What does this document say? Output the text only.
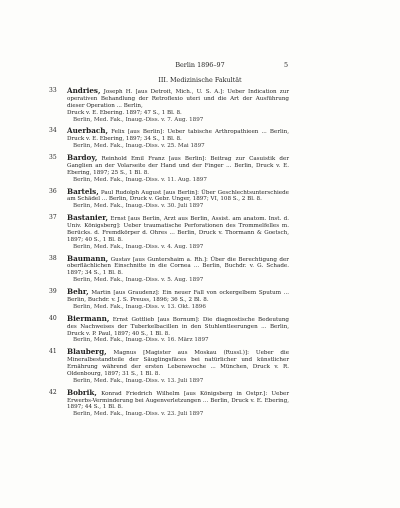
Berlin 1896–97	5
III. Medizinische Fakultät
33 Andries, Joseph H. [aus Detroit, Mich., U. S. A.]: Ueber Indication zur operativen Behandlung der Retroflexio uteri und die Art der Ausführung dieser Operation ... Berlin,
Druck v. E. Ebering. 1897; 47 S., 1 Bl. 8.
Berlin, Med. Fak., Inaug.-Diss. v. 7. Aug. 1897
34 Auerbach, Felix [aus Berlin]: Ueber tabische Arthropathieen ... Berlin, Druck v. E. Ebering, 1897; 34 S., 1 Bl. 8.
Berlin, Med. Fak., Inaug.-Diss. v. 25. Mai 1897
35 Bardoy, Reinhold Emil Franz [aus Berlin]: Beitrag zur Casuistik der Ganglien an der Volarseite der Hand und der Finger ... Berlin, Druck v. E. Ebering, 1897; 25 S., 1 Bl. 8.
Berlin, Med. Fak., Inaug.-Diss. v. 11. Aug. 1897
36 Bartels, Paul Rudolph August [aus Berlin]: Über Geschlechtsunterschiede am Schädel ... Berlin, Druck v. Gebr. Unger, 1897; VI, 108 S., 2 Bl. 8.
Berlin, Med. Fak., Inaug.-Diss. v. 30. Juli 1897
37 Bastanier, Ernst [aus Berlin, Arzt aus Berlin, Assist. am anatom. Inst. d. Univ. Königsberg]: Ueber traumatische Perforationen des Trommelfelles m. Berücks. d. Fremdkörper d. Ohres ... Berlin, Druck v. Thormann & Goetsch, 1897; 40 S., 1 Bl. 8.
Berlin, Med. Fak., Inaug.-Diss. v. 4. Aug. 1897
38 Baumann, Gustav [aus Guntershaim a. Rh.]: Über die Berechtigung der oberflächlichen Einschnitte in die Cornea ... Berlin, Buchdr. v. G. Schade. 1897; 34 S., 1 Bl. 8.
Berlin, Med. Fak., Inaug.-Diss. v. 5. Aug. 1897
39 Behr, Martin [aus Graudenz]: Ein neuer Fall von ockergelbem Sputum ... Berlin, Buchdr. v. J. S. Preuss, 1896; 36 S., 2 Bl. 8.
Berlin, Med. Fak., Inaug.-Diss. v. 13. Okt. 1896
40 Biermann, Ernst Gottlieb [aus Bornum]: Die diagnostische Bedeutung des Nachweises der Tuberkelbacillen in den Stuhlentleerungen ... Berlin, Druck v. P. Paul, 1897; 40 S., 1 Bl. 8.
Berlin, Med. Fak., Inaug.-Diss. v. 16. März 1897
41 Blauberg, Magnus [Magister aus Moskau (Russl.)]: Ueber die Mineralbestandteile der Säuglingsfäces bei natürlicher und künstlicher Ernährung während der ersten Lebenswoche ... München, Druck v. R. Oldenbourg, 1897; 31 S., 1 Bl. 8.
Berlin, Med. Fak., Inaug.-Diss. v. 13. Juli 1897
42 Bobrik, Konrad Friedrich Wilhelm [aus Königsberg in Ostpr.]: Ueber Erwerbs-Verminderung bei Augenverletzungen ... Berlin, Druck v. E. Ebering, 1897; 44 S., 1 Bl. 8.
Berlin, Med. Fak., Inaug.-Diss. v. 23. Juli 1897
